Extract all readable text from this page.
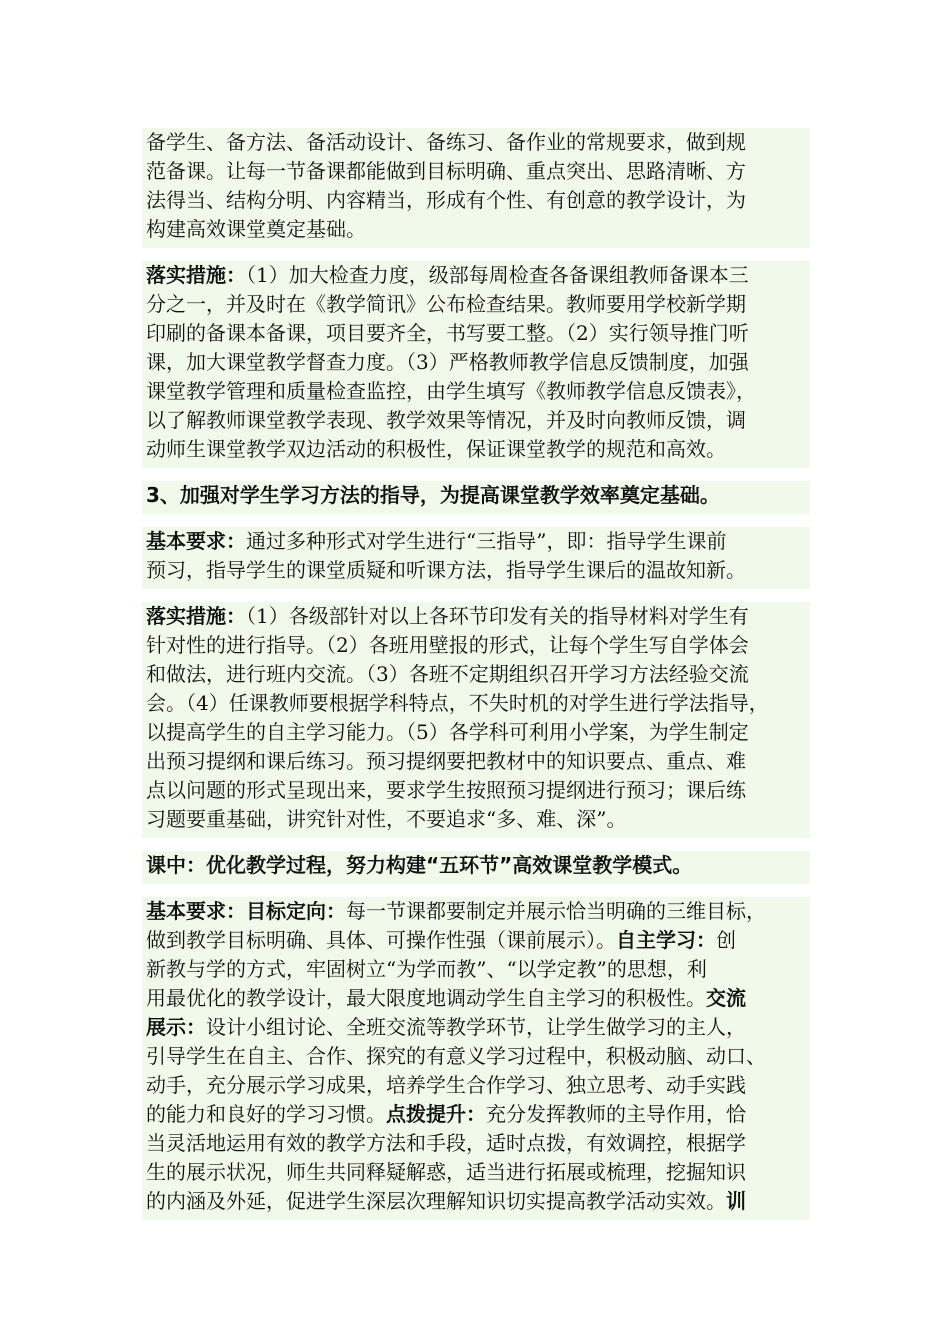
备学生、备方法、备活动设计、备练习、备作业的常规要求，做到规
范备课。让每一节备课都能做到目标明确、重点突出、思路清晰、方
法得当、结构分明、内容精当，形成有个性、有创意的教学设计，为
构建高效课堂奠定基础。
落实措施：（1）加大检查力度，级部每周检查各备课组教师备课本三
分之一，并及时在《教学简讯》公布检查结果。教师要用学校新学期
印刷的备课本备课，项目要齐全，书写要工整。（2）实行领导推门听
课，加大课堂教学督查力度。（3）严格教师教学信息反馈制度，加强
课堂教学管理和质量检查监控，由学生填写《教师教学信息反馈表》，
以了解教师课堂教学表现、教学效果等情况，并及时向教师反馈，调
动师生课堂教学双边活动的积极性，保证课堂教学的规范和高效。
3、加强对学生学习方法的指导，为提高课堂教学效率奠定基础。
基本要求：通过多种形式对学生进行“三指导”，即：指导学生课前
预习，指导学生的课堂质疑和听课方法，指导学生课后的温故知新。
落实措施：（1）各级部针对以上各环节印发有关的指导材料对学生有
针对性的进行指导。（2）各班用壁报的形式，让每个学生写自学体会
和做法，进行班内交流。（3）各班不定期组织召开学习方法经验交流
会。（4）任课教师要根据学科特点，不失时机的对学生进行学法指导，
以提高学生的自主学习能力。（5）各学科可利用小学案，为学生制定
出预习提纲和课后练习。预习提纲要把教材中的知识要点、重点、难
点以问题的形式呈现出来，要求学生按照预习提纲进行预习；课后练
习题要重基础，讲究针对性，不要追求“多、难、深”。
课中：优化教学过程，努力构建“五环节”高效课堂教学模式。
基本要求：目标定向：每一节课都要制定并展示恰当明确的三维目标，
做到教学目标明确、具体、可操作性强（课前展示）。自主学习：创
新教与学的方式，牢固树立“为学而教”、“以学定教”的思想，利
用最优化的教学设计，最大限度地调动学生自主学习的积极性。交流
展示：设计小组讨论、全班交流等教学环节，让学生做学习的主人，
引导学生在自主、合作、探究的有意义学习过程中，积极动脑、动口、
动手，充分展示学习成果，培养学生合作学习、独立思考、动手实践
的能力和良好的学习习惯。点拨提升：充分发挥教师的主导作用，恰
当灵活地运用有效的教学方法和手段，适时点拨，有效调控，根据学
生的展示状况，师生共同释疑解惑，适当进行拓展或梳理，挖掘知识
的内涵及外延，促进学生深层次理解知识切实提高教学活动实效。训
